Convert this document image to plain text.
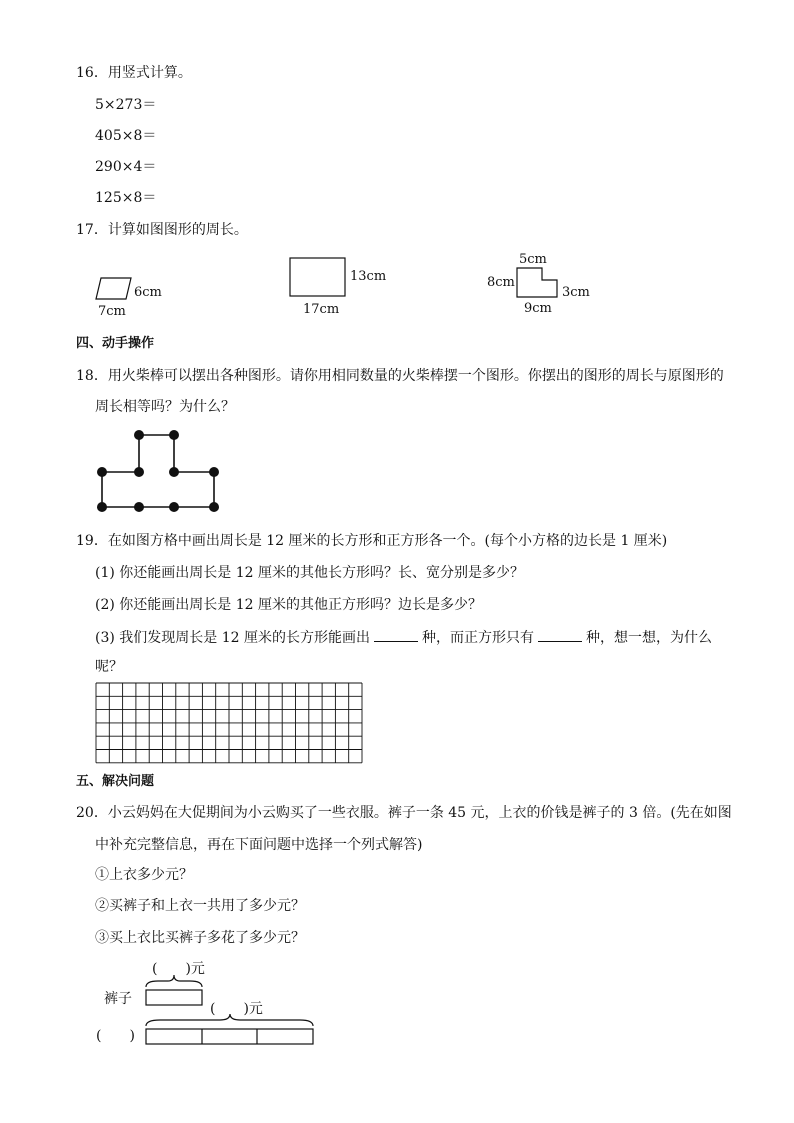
16．用竖式计算。
5×273＝
405×8＝
290×4＝
125×8＝
17．计算如图图形的周长。
6cm
7cm
13cm
17cm
5cm
8cm
3cm
9cm
四、动手操作
18．用火柴棒可以摆出各种图形。请你用相同数量的火柴棒摆一个图形。你摆出的图形的周长与原图形的
周长相等吗？为什么？
19．在如图方格中画出周长是 12 厘米的长方形和正方形各一个。(每个小方格的边长是 1 厘米)
(1) 你还能画出周长是 12 厘米的其他长方形吗？长、宽分别是多少？
(2) 你还能画出周长是 12 厘米的其他正方形吗？边长是多少？
(3) 我们发现周长是 12 厘米的长方形能画出	种，而正方形只有	种，想一想，为什么
呢？
五、解决问题
20．小云妈妈在大促期间为小云购买了一些衣服。裤子一条 45 元，上衣的价钱是裤子的 3 倍。(先在如图
中补充完整信息，再在下面问题中选择一个列式解答)
①上衣多少元？
②买裤子和上衣一共用了多少元？
③买上衣比买裤子多花了多少元？
(　　)元
裤子
(　　)元
(　　)
